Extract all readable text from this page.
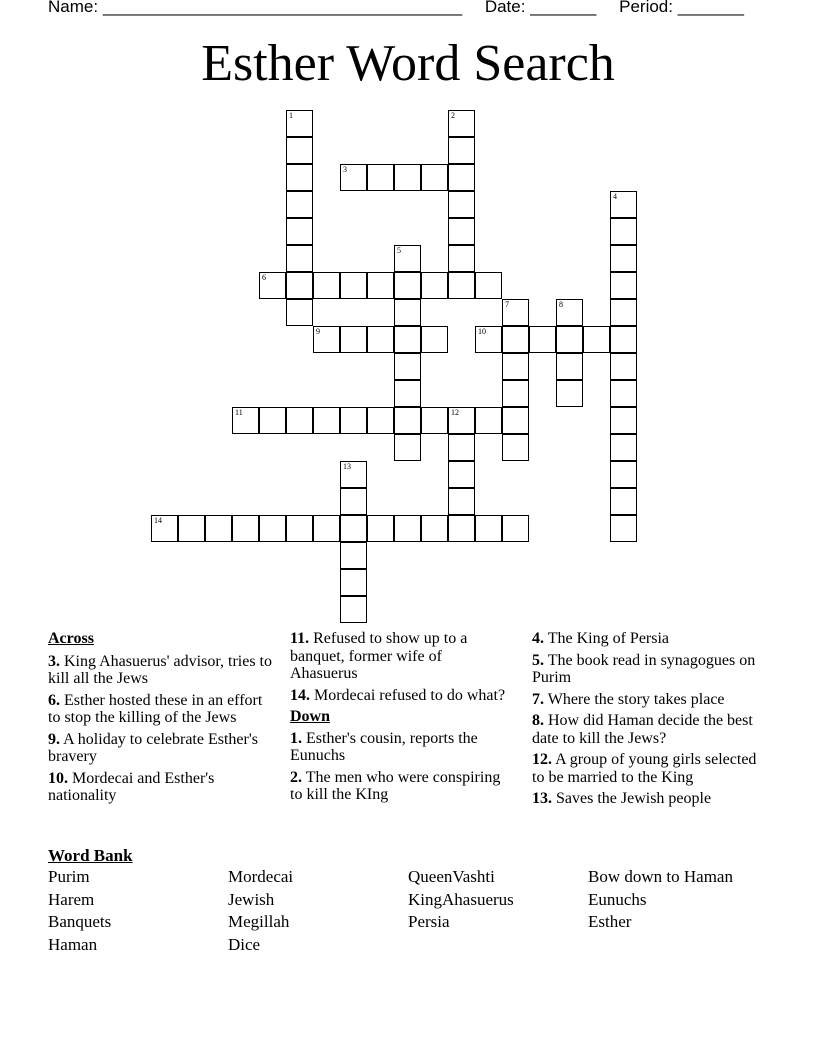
Name: ______________________________________ Date: _______ Period: _______
Esther Word Search
1	2
3
4
5
6
7	8
9	10
11	12
13
14
Across
3. King Ahasuerus' advisor, tries to kill all the Jews
6. Esther hosted these in an effort to stop the killing of the Jews
9. A holiday to celebrate Esther's bravery
10. Mordecai and Esther's nationality
11. Refused to show up to a banquet, former wife of Ahasuerus
14. Mordecai refused to do what?
Down
1. Esther's cousin, reports the Eunuchs
2. The men who were conspiring to kill the KIng
4. The King of Persia
5. The book read in synagogues on Purim
7. Where the story takes place
8. How did Haman decide the best date to kill the Jews?
12. A group of young girls selected to be married to the King
13. Saves the Jewish people
Word Bank
Purim	Mordecai	QueenVashti	Bow down to Haman
Harem	Jewish	KingAhasuerus	Eunuchs
Banquets	Megillah	Persia	Esther
Haman	Dice
